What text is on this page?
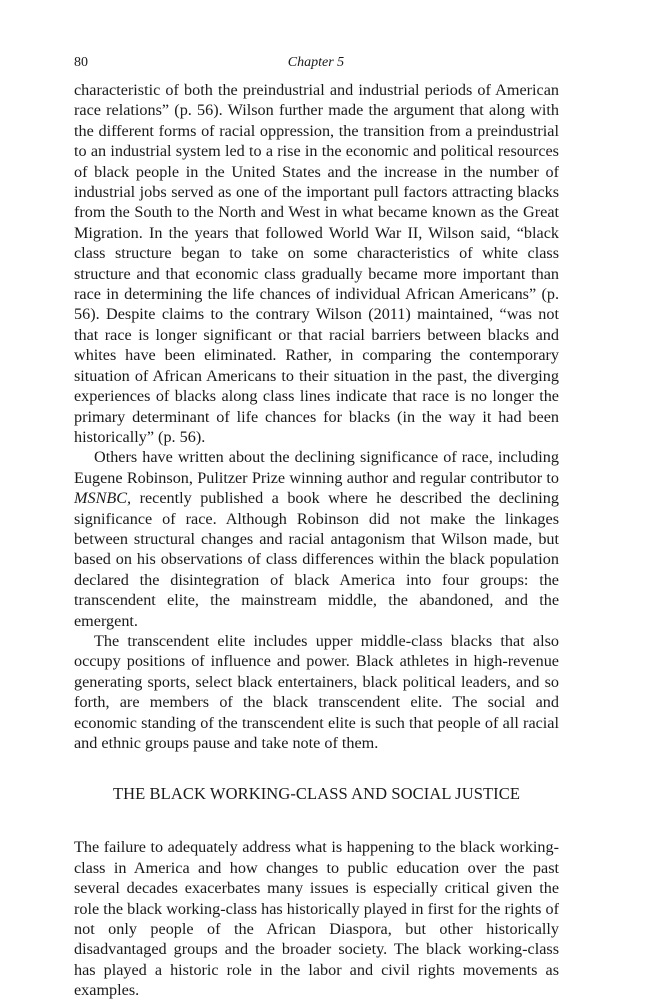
80	Chapter 5

characteristic of both the preindustrial and industrial periods of American race relations” (p. 56). Wilson further made the argument that along with the different forms of racial oppression, the transition from a preindustrial to an industrial system led to a rise in the economic and political resources of black people in the United States and the increase in the number of industrial jobs served as one of the important pull factors attracting blacks from the South to the North and West in what became known as the Great Migration. In the years that followed World War II, Wilson said, “black class structure began to take on some characteristics of white class structure and that economic class gradually became more important than race in determining the life chances of individual African Americans” (p. 56). Despite claims to the contrary Wilson (2011) maintained, “was not that race is longer significant or that racial barriers between blacks and whites have been eliminated. Rather, in comparing the contemporary situation of African Americans to their situation in the past, the diverging experiences of blacks along class lines indicate that race is no longer the primary determinant of life chances for blacks (in the way it had been historically” (p. 56).

Others have written about the declining significance of race, including Eugene Robinson, Pulitzer Prize winning author and regular contributor to MSNBC, recently published a book where he described the declining significance of race. Although Robinson did not make the linkages between structural changes and racial antagonism that Wilson made, but based on his observations of class differences within the black population declared the disintegration of black America into four groups: the transcendent elite, the mainstream middle, the abandoned, and the emergent.

The transcendent elite includes upper middle-class blacks that also occupy positions of influence and power. Black athletes in high-revenue generating sports, select black entertainers, black political leaders, and so forth, are members of the black transcendent elite. The social and economic standing of the transcendent elite is such that people of all racial and ethnic groups pause and take note of them.

THE BLACK WORKING-CLASS AND SOCIAL JUSTICE

The failure to adequately address what is happening to the black working-class in America and how changes to public education over the past several decades exacerbates many issues is especially critical given the role the black working-class has historically played in first for the rights of not only people of the African Diaspora, but other historically disadvantaged groups and the broader society. The black working-class has played a historic role in the labor and civil rights movements as examples.
